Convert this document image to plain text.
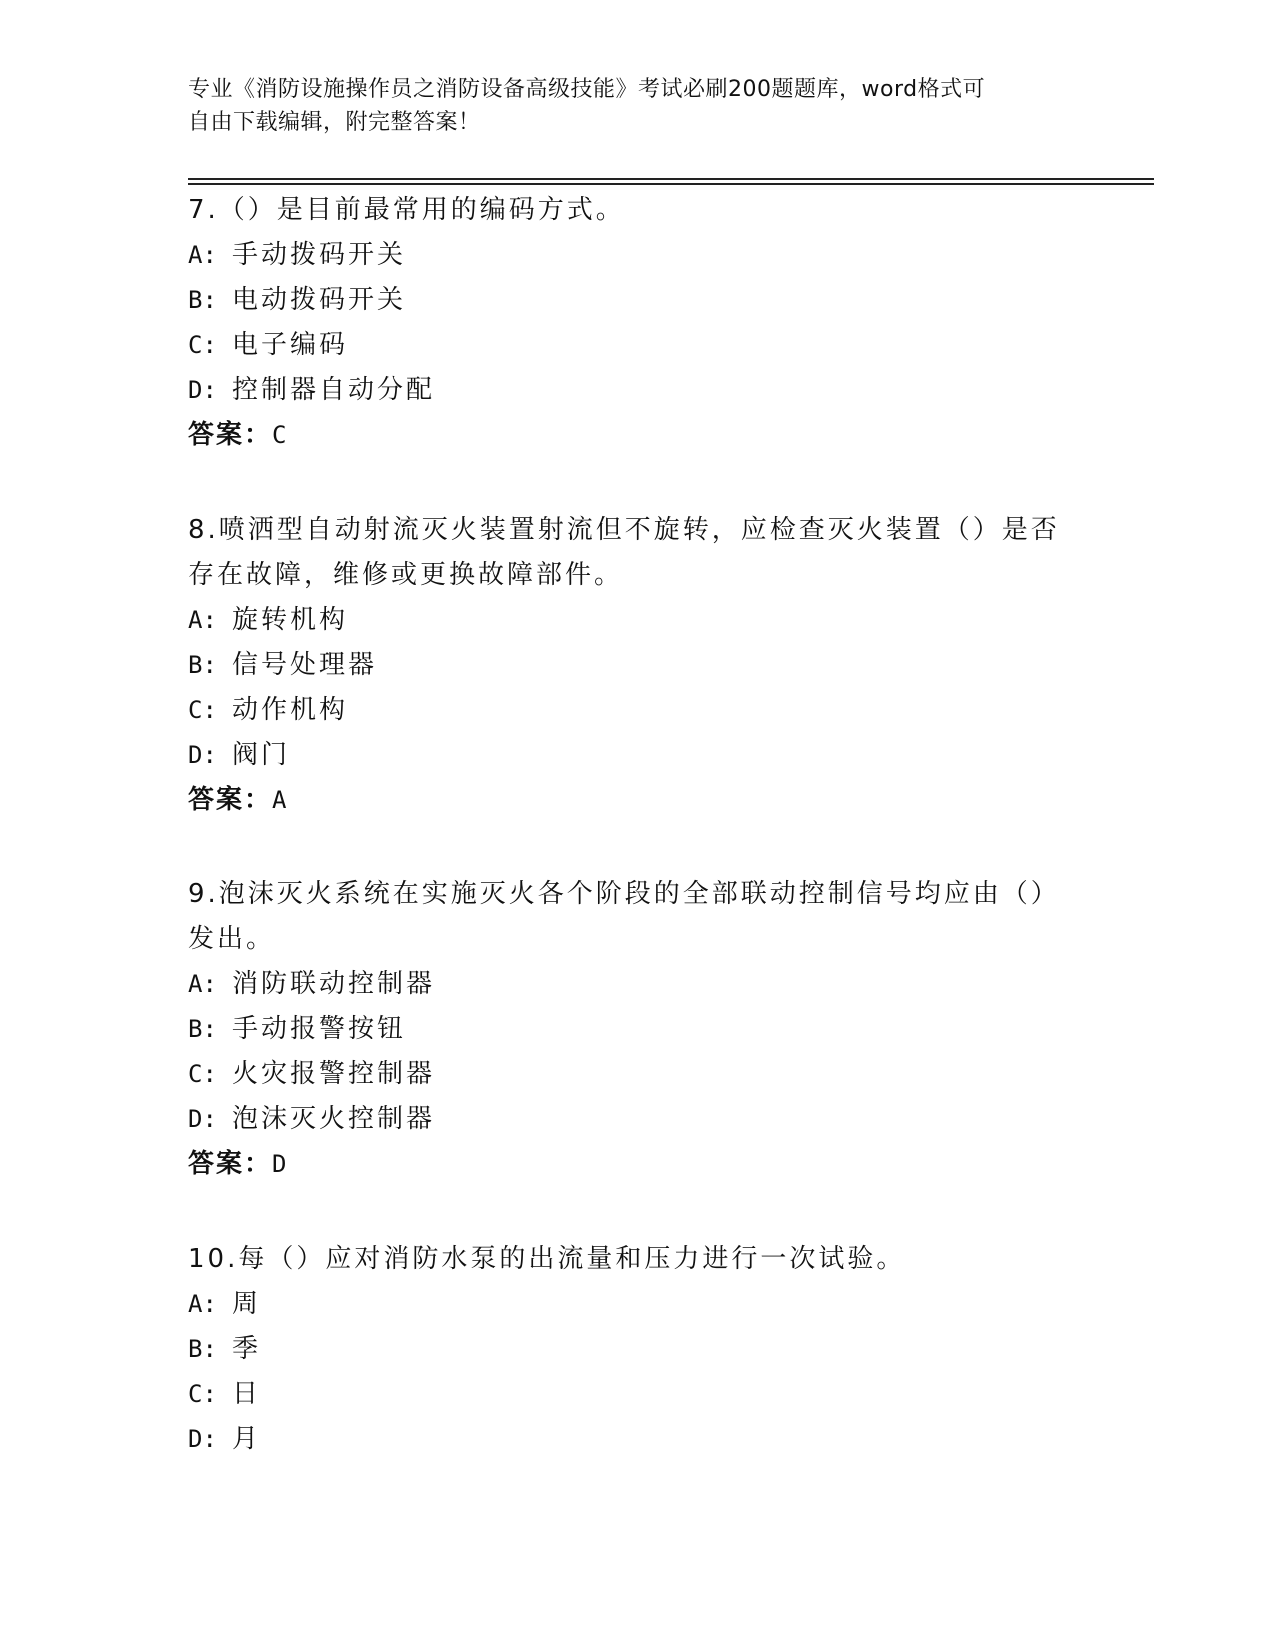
专业《消防设施操作员之消防设备高级技能》考试必刷200题题库，word格式可
自由下载编辑，附完整答案！

7.（）是目前最常用的编码方式。

A: 手动拨码开关
B: 电动拨码开关
C: 电子编码
D: 控制器自动分配
答案：C

8.喷洒型自动射流灭火装置射流但不旋转，应检查灭火装置（）是否存在故障，维修或更换故障部件。

A: 旋转机构
B: 信号处理器
C: 动作机构
D: 阀门
答案：A

9.泡沫灭火系统在实施灭火各个阶段的全部联动控制信号均应由（）发出。

A: 消防联动控制器
B: 手动报警按钮
C: 火灾报警控制器
D: 泡沫灭火控制器
答案：D

10.每（）应对消防水泵的出流量和压力进行一次试验。

A: 周
B: 季
C: 日
D: 月
